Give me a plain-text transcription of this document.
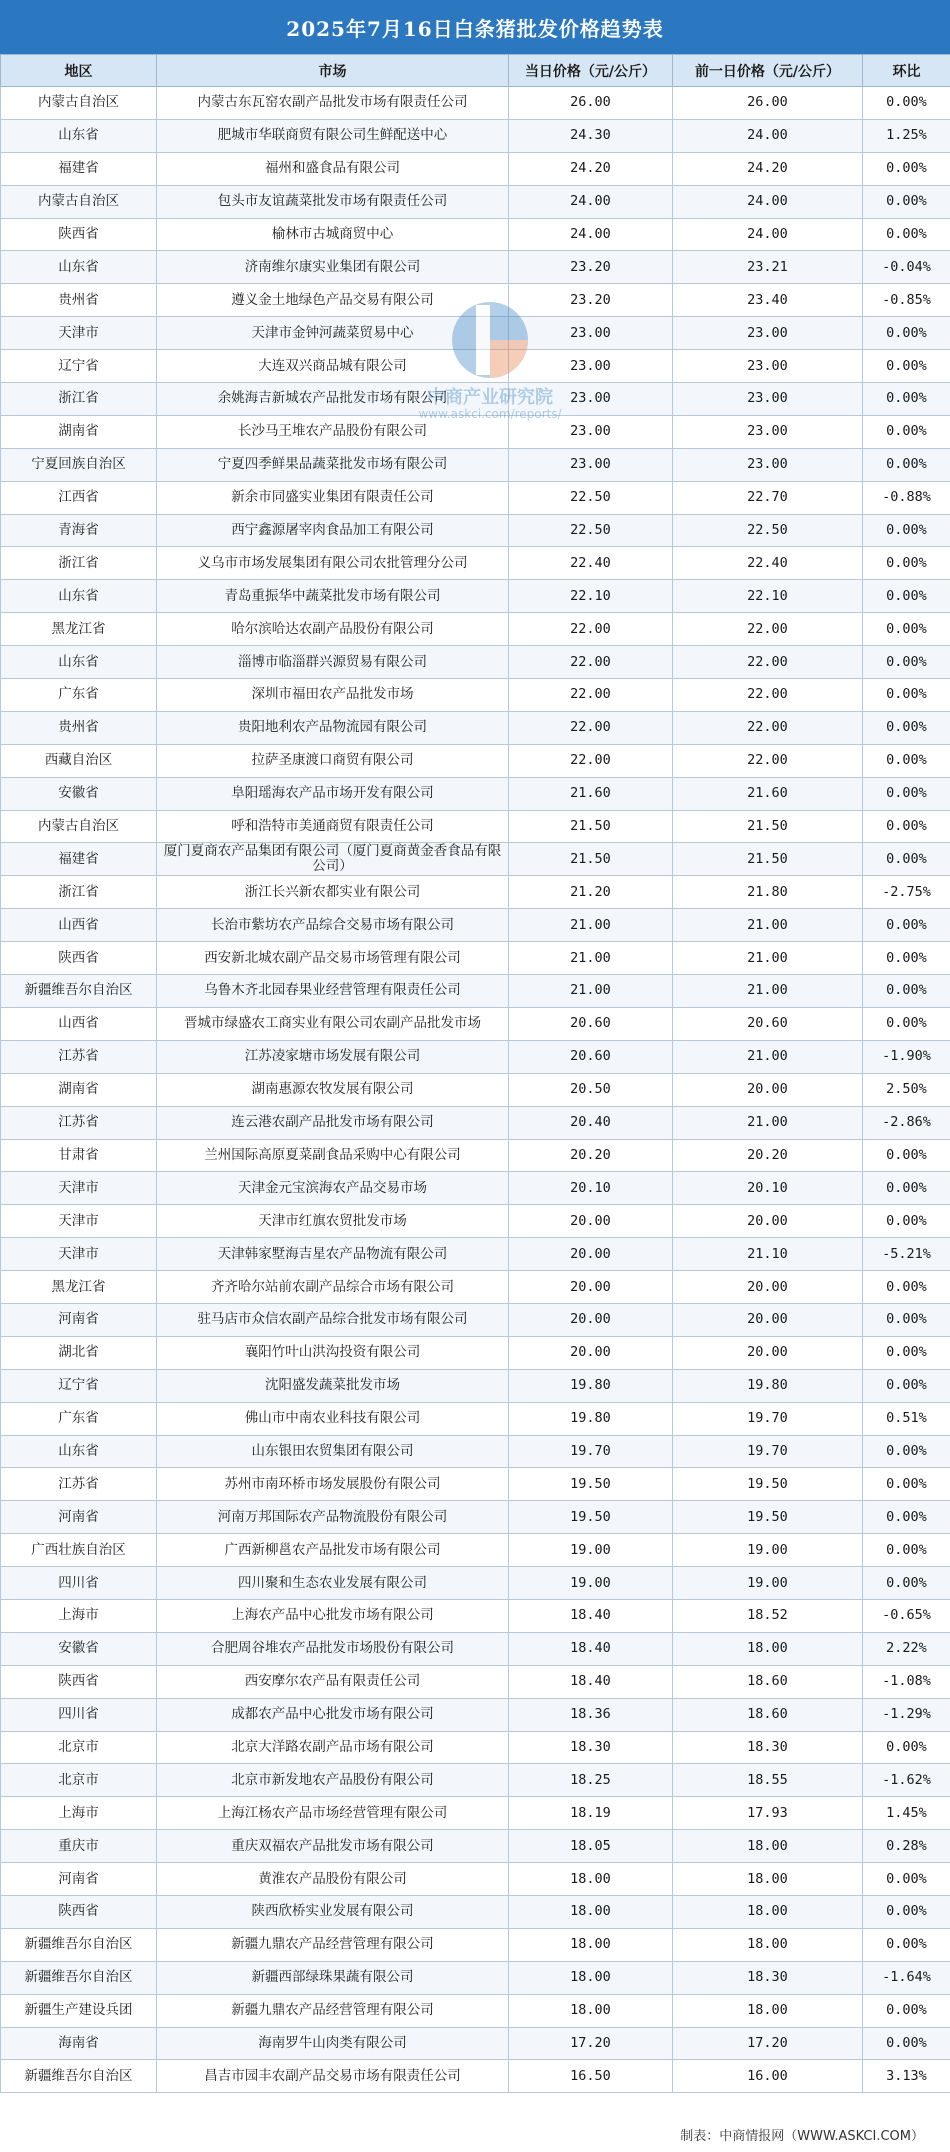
2025年7月16日白条猪批发价格趋势表
地区	市场	当日价格（元/公斤）	前一日价格（元/公斤）	环比
内蒙古自治区	内蒙古东瓦窑农副产品批发市场有限责任公司	26.00	26.00	0.00%
山东省	肥城市华联商贸有限公司生鲜配送中心	24.30	24.00	1.25%
福建省	福州和盛食品有限公司	24.20	24.20	0.00%
内蒙古自治区	包头市友谊蔬菜批发市场有限责任公司	24.00	24.00	0.00%
陕西省	榆林市古城商贸中心	24.00	24.00	0.00%
山东省	济南维尔康实业集团有限公司	23.20	23.21	-0.04%
贵州省	遵义金土地绿色产品交易有限公司	23.20	23.40	-0.85%
天津市	天津市金钟河蔬菜贸易中心	23.00	23.00	0.00%
辽宁省	大连双兴商品城有限公司	23.00	23.00	0.00%
浙江省	余姚海吉新城农产品批发市场有限公司	23.00	23.00	0.00%
湖南省	长沙马王堆农产品股份有限公司	23.00	23.00	0.00%
宁夏回族自治区	宁夏四季鲜果品蔬菜批发市场有限公司	23.00	23.00	0.00%
江西省	新余市同盛实业集团有限责任公司	22.50	22.70	-0.88%
青海省	西宁鑫源屠宰肉食品加工有限公司	22.50	22.50	0.00%
浙江省	义乌市市场发展集团有限公司农批管理分公司	22.40	22.40	0.00%
山东省	青岛重振华中蔬菜批发市场有限公司	22.10	22.10	0.00%
黑龙江省	哈尔滨哈达农副产品股份有限公司	22.00	22.00	0.00%
山东省	淄博市临淄群兴源贸易有限公司	22.00	22.00	0.00%
广东省	深圳市福田农产品批发市场	22.00	22.00	0.00%
贵州省	贵阳地利农产品物流园有限公司	22.00	22.00	0.00%
西藏自治区	拉萨圣康渡口商贸有限公司	22.00	22.00	0.00%
安徽省	阜阳瑶海农产品市场开发有限公司	21.60	21.60	0.00%
内蒙古自治区	呼和浩特市美通商贸有限责任公司	21.50	21.50	0.00%
福建省	厦门夏商农产品集团有限公司（厦门夏商黄金香食品有限公司）	21.50	21.50	0.00%
浙江省	浙江长兴新农都实业有限公司	21.20	21.80	-2.75%
山西省	长治市紫坊农产品综合交易市场有限公司	21.00	21.00	0.00%
陕西省	西安新北城农副产品交易市场管理有限公司	21.00	21.00	0.00%
新疆维吾尔自治区	乌鲁木齐北园春果业经营管理有限责任公司	21.00	21.00	0.00%
山西省	晋城市绿盛农工商实业有限公司农副产品批发市场	20.60	20.60	0.00%
江苏省	江苏凌家塘市场发展有限公司	20.60	21.00	-1.90%
湖南省	湖南惠源农牧发展有限公司	20.50	20.00	2.50%
江苏省	连云港农副产品批发市场有限公司	20.40	21.00	-2.86%
甘肃省	兰州国际高原夏菜副食品采购中心有限公司	20.20	20.20	0.00%
天津市	天津金元宝滨海农产品交易市场	20.10	20.10	0.00%
天津市	天津市红旗农贸批发市场	20.00	20.00	0.00%
天津市	天津韩家墅海吉星农产品物流有限公司	20.00	21.10	-5.21%
黑龙江省	齐齐哈尔站前农副产品综合市场有限公司	20.00	20.00	0.00%
河南省	驻马店市众信农副产品综合批发市场有限公司	20.00	20.00	0.00%
湖北省	襄阳竹叶山洪沟投资有限公司	20.00	20.00	0.00%
辽宁省	沈阳盛发蔬菜批发市场	19.80	19.80	0.00%
广东省	佛山市中南农业科技有限公司	19.80	19.70	0.51%
山东省	山东银田农贸集团有限公司	19.70	19.70	0.00%
江苏省	苏州市南环桥市场发展股份有限公司	19.50	19.50	0.00%
河南省	河南万邦国际农产品物流股份有限公司	19.50	19.50	0.00%
广西壮族自治区	广西新柳邕农产品批发市场有限公司	19.00	19.00	0.00%
四川省	四川聚和生态农业发展有限公司	19.00	19.00	0.00%
上海市	上海农产品中心批发市场有限公司	18.40	18.52	-0.65%
安徽省	合肥周谷堆农产品批发市场股份有限公司	18.40	18.00	2.22%
陕西省	西安摩尔农产品有限责任公司	18.40	18.60	-1.08%
四川省	成都农产品中心批发市场有限公司	18.36	18.60	-1.29%
北京市	北京大洋路农副产品市场有限公司	18.30	18.30	0.00%
北京市	北京市新发地农产品股份有限公司	18.25	18.55	-1.62%
上海市	上海江杨农产品市场经营管理有限公司	18.19	17.93	1.45%
重庆市	重庆双福农产品批发市场有限公司	18.05	18.00	0.28%
河南省	黄淮农产品股份有限公司	18.00	18.00	0.00%
陕西省	陕西欣桥实业发展有限公司	18.00	18.00	0.00%
新疆维吾尔自治区	新疆九鼎农产品经营管理有限公司	18.00	18.00	0.00%
新疆维吾尔自治区	新疆西部绿珠果蔬有限公司	18.00	18.30	-1.64%
新疆生产建设兵团	新疆九鼎农产品经营管理有限公司	18.00	18.00	0.00%
海南省	海南罗牛山肉类有限公司	17.20	17.20	0.00%
新疆维吾尔自治区	昌吉市园丰农副产品交易市场有限责任公司	16.50	16.00	3.13%
中商产业研究院
www.askci.com/reports/
制表：中商情报网（WWW.ASKCI.COM）
